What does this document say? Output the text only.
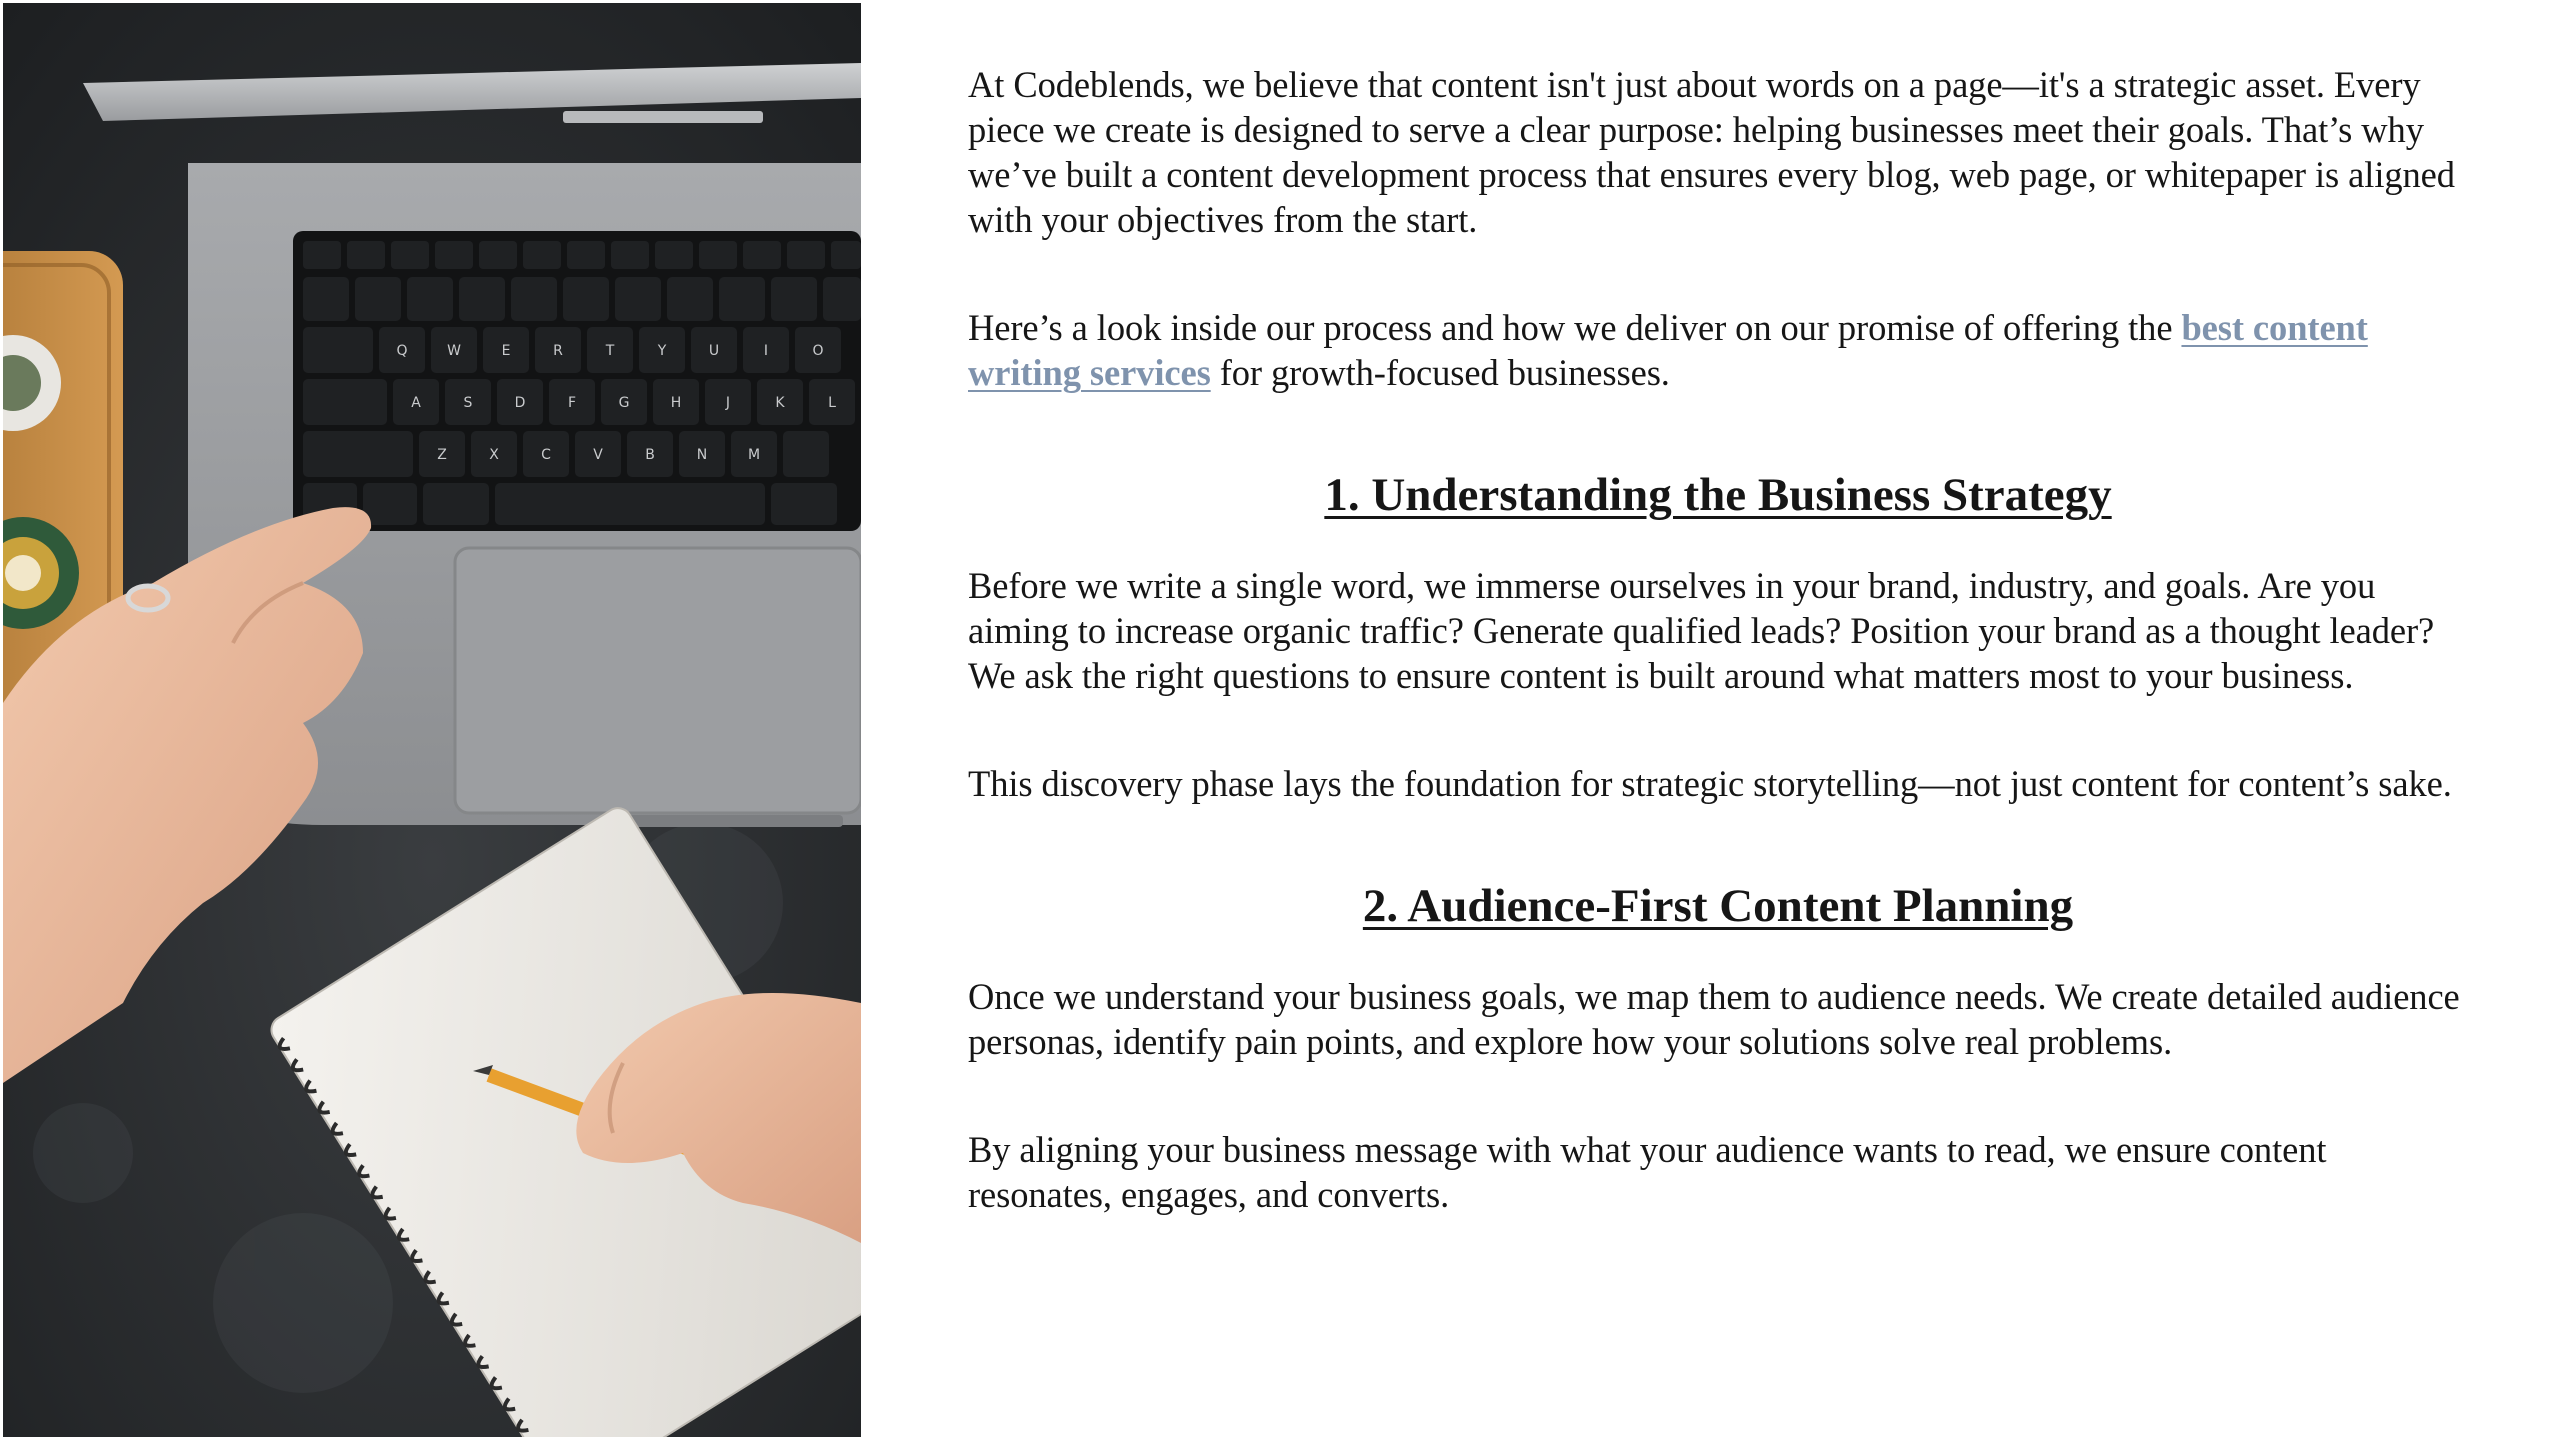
Q	W	E	R	T	Y	U	I	O
A	S	D	F	G	H	J	K	L
Z	X	C	V	B	N	M

At Codeblends, we believe that content isn't just about words on a page—it's a strategic asset. Every piece we create is designed to serve a clear purpose: helping businesses meet their goals. That’s why we’ve built a content development process that ensures every blog, web page, or whitepaper is aligned with your objectives from the start.

Here’s a look inside our process and how we deliver on our promise of offering the best content writing services for growth-focused businesses.

1. Understanding the Business Strategy

Before we write a single word, we immerse ourselves in your brand, industry, and goals. Are you aiming to increase organic traffic? Generate qualified leads? Position your brand as a thought leader? We ask the right questions to ensure content is built around what matters most to your business.

This discovery phase lays the foundation for strategic storytelling—not just content for content’s sake.

2. Audience-First Content Planning

Once we understand your business goals, we map them to audience needs. We create detailed audience personas, identify pain points, and explore how your solutions solve real problems.

By aligning your business message with what your audience wants to read, we ensure content resonates, engages, and converts.
